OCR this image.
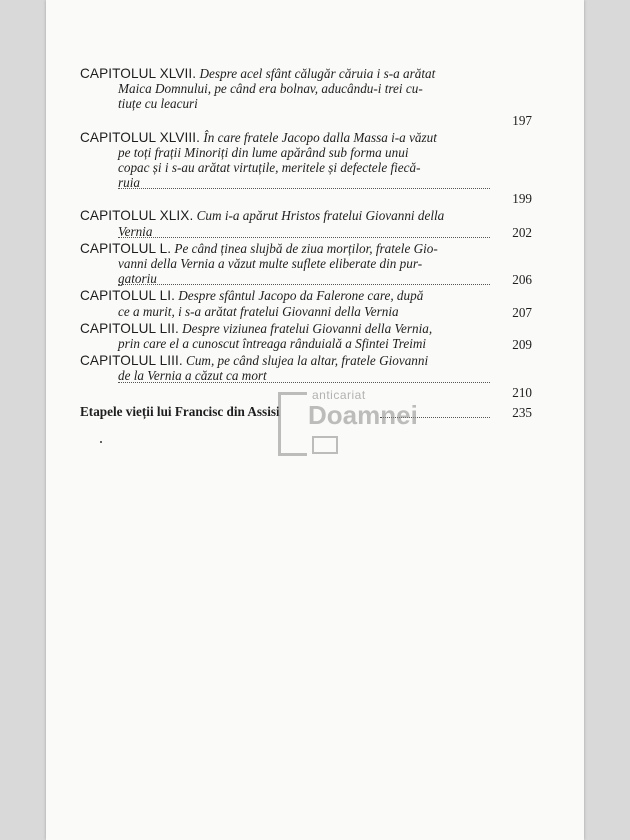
CAPITOLUL XLVII. Despre acel sfânt călugăr căruia i s-a arătat
Maica Domnului, pe când era bolnav, aducându-i trei cu-
tiuțe cu leacuri
197
CAPITOLUL XLVIII. În care fratele Jacopo dalla Massa i-a văzut
pe toți frații Minoriți din lume apărând sub forma unui
copac și i s-au arătat virtuțile, meritele și defectele fiecă-
ruia
199
CAPITOLUL XLIX. Cum i-a apărut Hristos fratelui Giovanni della
Vernia	202
CAPITOLUL L. Pe când ținea slujbă de ziua morților, fratele Gio-
vanni della Vernia a văzut multe suflete eliberate din pur-
gatoriu	206
CAPITOLUL LI. Despre sfântul Jacopo da Falerone care, după
ce a murit, i s-a arătat fratelui Giovanni della Vernia	207
CAPITOLUL LII. Despre viziunea fratelui Giovanni della Vernia,
prin care el a cunoscut întreaga rânduială a Sfintei Treimi	209
CAPITOLUL LIII. Cum, pe când slujea la altar, fratele Giovanni
de la Vernia a căzut ca mort
210
Etapele vieții lui Francisc din Assisi	235
anticariat
Doamnei
